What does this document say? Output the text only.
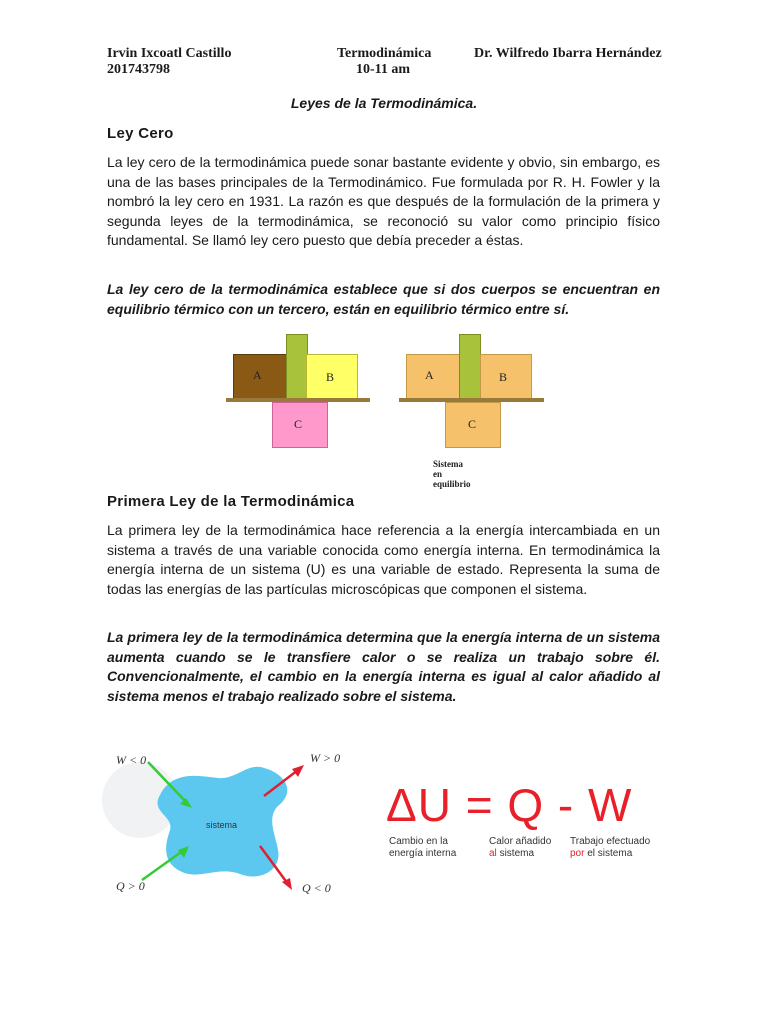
Irvin Ixcoatl Castillo
201743798
Termodinámica
10-11 am
Dr. Wilfredo Ibarra Hernández
Leyes de la Termodinámica.
Ley Cero

La ley cero de la termodinámica puede sonar bastante evidente y obvio, sin embargo, es una de las bases principales de la Termodinámico. Fue formulada por R. H. Fowler y la nombró la ley cero en 1931. La razón es que después de la formulación de la primera y segunda leyes de la termodinámica, se reconoció su valor como principio físico fundamental. Se llamó ley cero puesto que debía preceder a éstas.

La ley cero de la termodinámica establece que si dos cuerpos se encuentran en equilibrio térmico con un tercero, están en equilibrio térmico entre sí.

A	B
C
A	B
C
Sistema en equilibrio
Primera Ley de la Termodinámica

La primera ley de la termodinámica hace referencia a la energía intercambiada en un sistema a través de una variable conocida como energía interna. En termodinámica la energía interna de un sistema (U) es una variable de estado. Representa la suma de todas las energías de las partículas microscópicas que componen el sistema.

La primera ley de la termodinámica determina que la energía interna de un sistema aumenta cuando se le transfiere calor o se realiza un trabajo sobre él. Convencionalmente, el cambio en la energía interna es igual al calor añadido al sistema menos el trabajo realizado sobre el sistema.

sistema
W < 0	W > 0
Q > 0	Q < 0
ΔU = Q - W
Cambio en la energía interna
Calor añadido
al sistema
Trabajo efectuado
por el sistema
